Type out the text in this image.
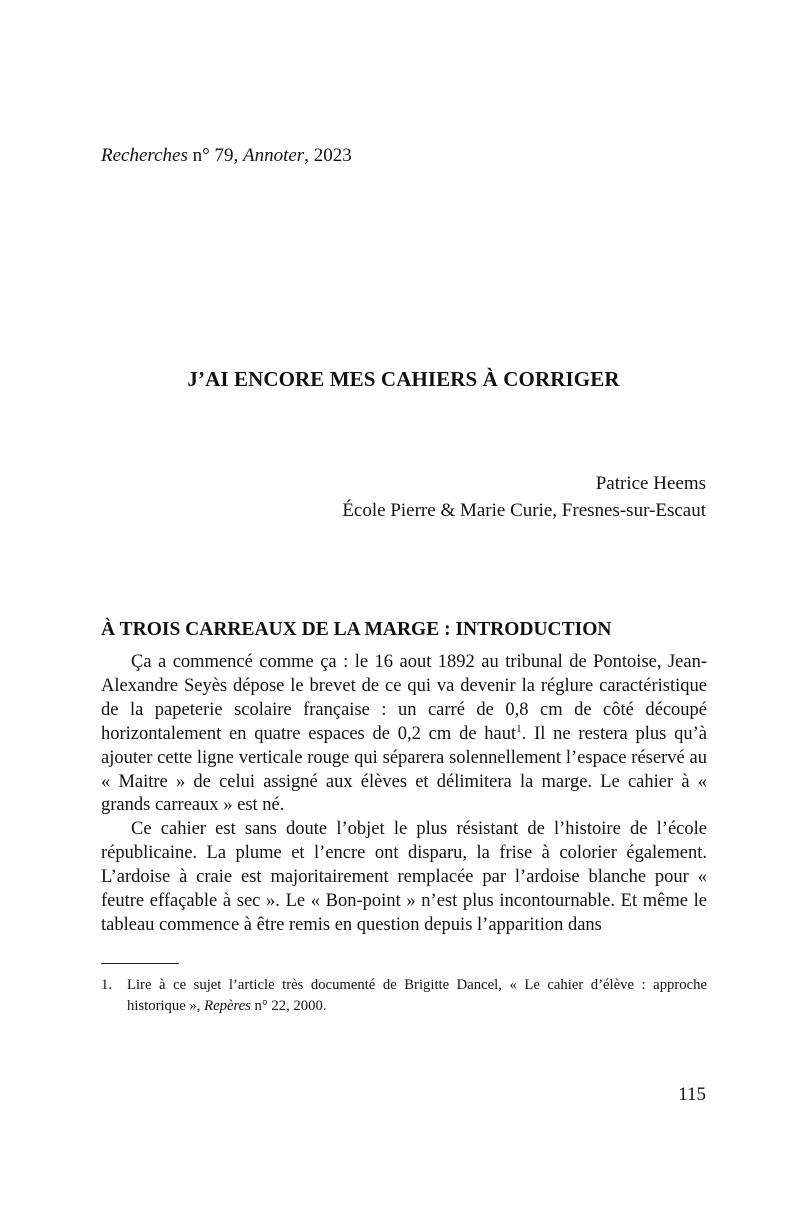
Recherches n° 79, Annoter, 2023
J’AI ENCORE MES CAHIERS À CORRIGER
Patrice Heems
École Pierre & Marie Curie, Fresnes-sur-Escaut
À TROIS CARREAUX DE LA MARGE : INTRODUCTION

Ça a commencé comme ça : le 16 aout 1892 au tribunal de Pontoise, Jean-Alexandre Seyès dépose le brevet de ce qui va devenir la réglure caractéristique de la papeterie scolaire française : un carré de 0,8 cm de côté découpé horizontalement en quatre espaces de 0,2 cm de haut$^1$. Il ne restera plus qu’à ajouter cette ligne verticale rouge qui séparera solennellement l’espace réservé au « Maitre » de celui assigné aux élèves et délimitera la marge. Le cahier à « grands carreaux » est né.

Ce cahier est sans doute l’objet le plus résistant de l’histoire de l’école républicaine. La plume et l’encre ont disparu, la frise à colorier également. L’ardoise à craie est majoritairement remplacée par l’ardoise blanche pour « feutre effaçable à sec ». Le « Bon-point » n’est plus incontournable. Et même le tableau commence à être remis en question depuis l’apparition dans

1. Lire à ce sujet l’article très documenté de Brigitte Dancel, « Le cahier d’élève : approche historique », Repères n° 22, 2000.
115
